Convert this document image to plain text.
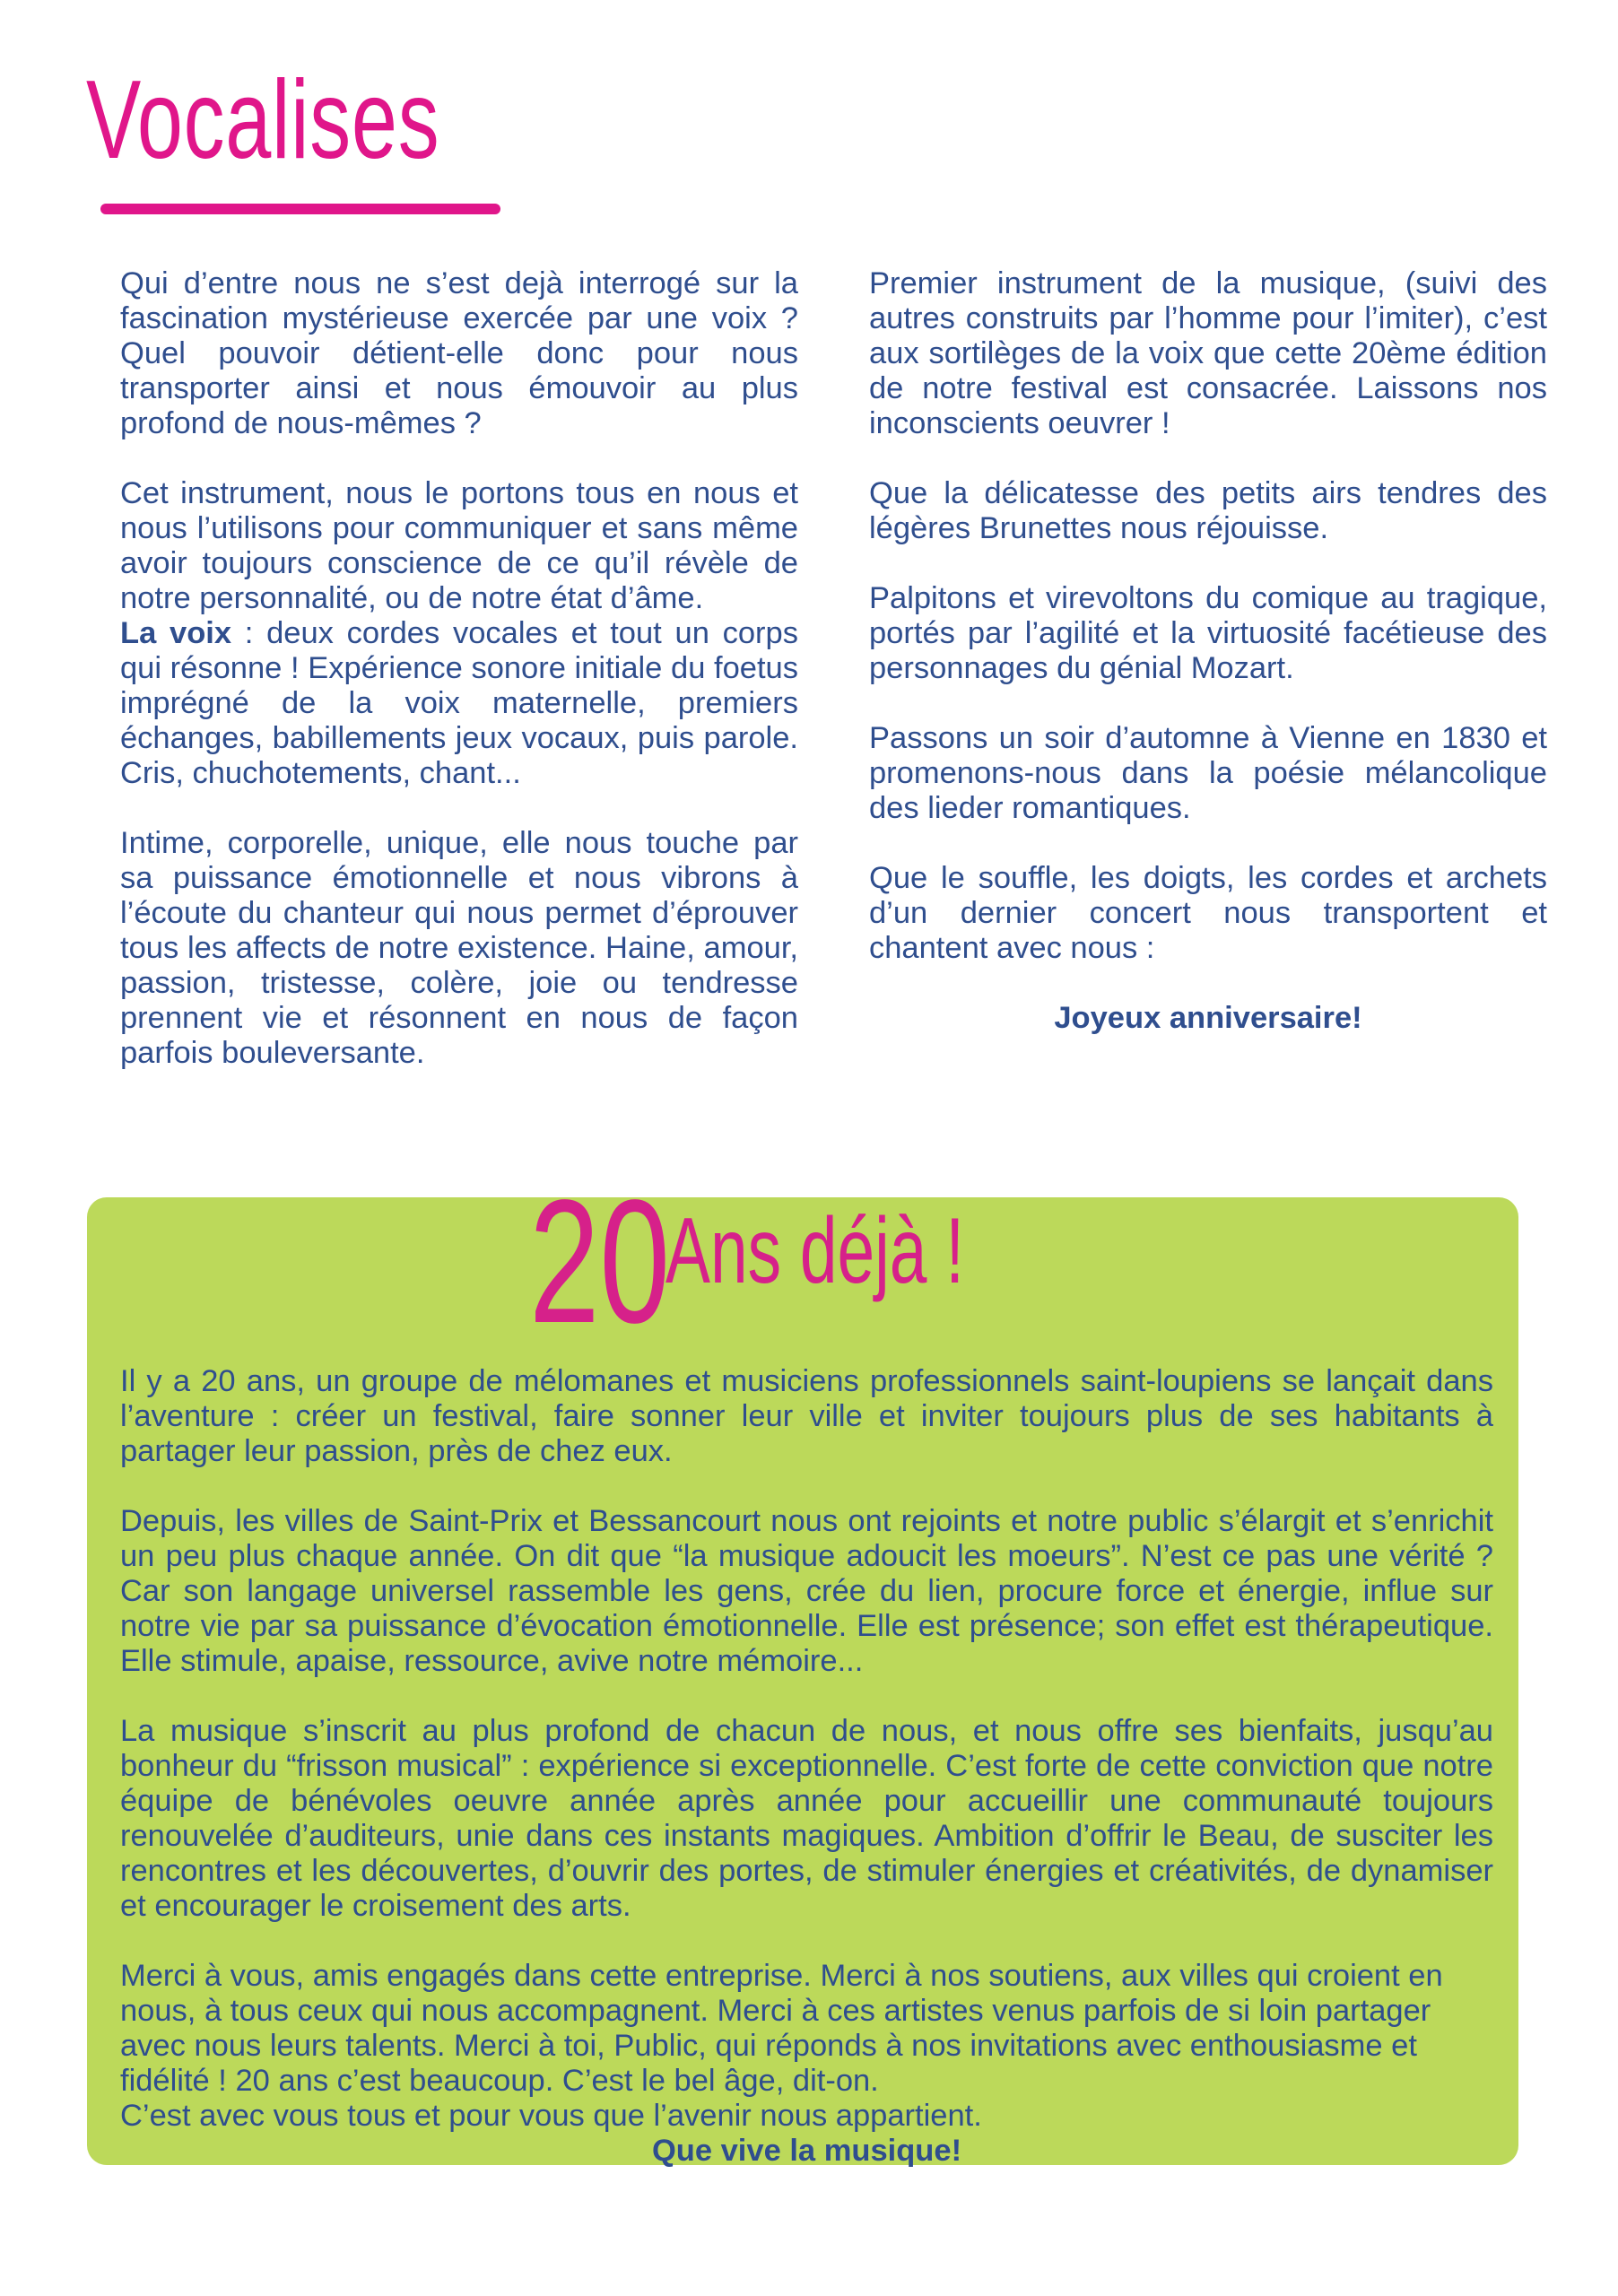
Vocalises

Qui d’entre nous ne s’est dejà interrogé sur la fascination mystérieuse exercée par une voix ? Quel pouvoir détient-elle donc pour nous transporter ainsi et nous émouvoir au plus profond de nous-mêmes ?

Cet instrument, nous le portons tous en nous et nous l’utilisons pour communiquer et sans même avoir toujours conscience de ce qu’il révèle de notre personnalité, ou de notre état d’âme.

La voix : deux cordes vocales et tout un corps qui résonne ! Expérience sonore initiale du foetus imprégné de la voix maternelle, premiers échanges, babillements jeux vocaux, puis parole. Cris, chuchotements, chant...

Intime, corporelle, unique, elle nous touche par sa puissance émotionnelle et nous vibrons à l’écoute du chanteur qui nous permet d’éprouver tous les affects de notre existence. Haine, amour, passion, tristesse, colère, joie ou tendresse prennent vie et résonnent en nous de façon parfois bouleversante.

Premier instrument de la musique, (suivi des autres construits par l’homme pour l’imiter), c’est aux sortilèges de la voix que cette 20ème édition de notre festival est consacrée. Laissons nos inconscients oeuvrer !

Que la délicatesse des petits airs tendres des légères Brunettes nous réjouisse.

Palpitons et virevoltons du comique au tragique, portés par l’agilité et la virtuosité facétieuse des personnages du génial Mozart.

Passons un soir d’automne à Vienne en 1830 et promenons-nous dans la poésie mélancolique des lieder romantiques.

Que le souffle, les doigts, les cordes et archets d’un dernier concert nous transportent et chantent avec nous :

Joyeux anniversaire!

20Ans déjà !

Il y a 20 ans, un groupe de mélomanes et musiciens professionnels saint-loupiens se lançait dans l’aventure : créer un festival, faire sonner leur ville et inviter toujours plus de ses habitants à partager leur passion, près de chez eux.

Depuis, les villes de Saint-Prix et Bessancourt nous ont rejoints et notre public s’élargit et s’enrichit un peu plus chaque année. On dit que “la musique adoucit les moeurs”. N’est ce pas une vérité ? Car son langage universel rassemble les gens, crée du lien, procure force et énergie, influe sur notre vie par sa puissance d’évocation émotionnelle. Elle est présence; son effet est thérapeutique. Elle stimule, apaise, ressource, avive notre mémoire...

La musique s’inscrit au plus profond de chacun de nous, et nous offre ses bienfaits, jusqu’au bonheur du “frisson musical” : expérience si exceptionnelle. C’est forte de cette conviction que notre équipe de bénévoles oeuvre année après année pour accueillir une communauté toujours renouvelée d’auditeurs, unie dans ces instants magiques. Ambition d’offrir le Beau, de susciter les rencontres et les découvertes, d’ouvrir des portes, de stimuler énergies et créativités, de dynamiser et encourager le croisement des arts.

Merci à vous, amis engagés dans cette entreprise. Merci à nos soutiens, aux villes qui croient en nous, à tous ceux qui nous accompagnent. Merci à ces artistes venus parfois de si loin partager avec nous leurs talents. Merci à toi, Public, qui réponds à nos invitations avec enthousiasme et fidélité ! 20 ans c’est beaucoup. C’est le bel âge, dit-on.

C’est avec vous tous et pour vous que l’avenir nous appartient.

Que vive la musique!
